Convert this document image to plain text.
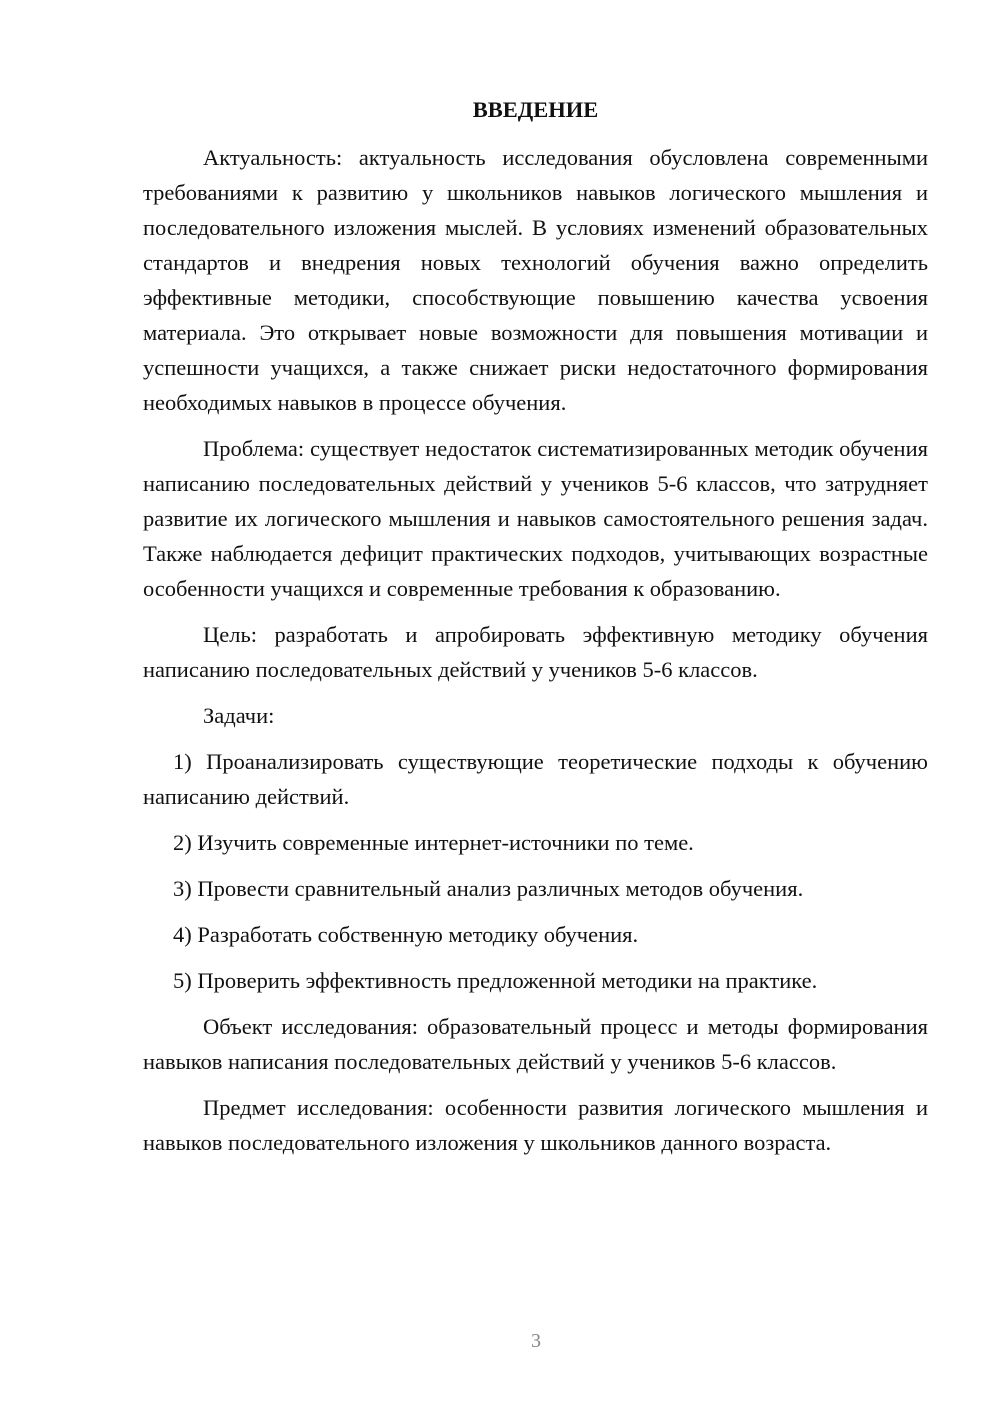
ВВЕДЕНИЕ

Актуальность: актуальность исследования обусловлена современными требованиями к развитию у школьников навыков логического мышления и последовательного изложения мыслей. В условиях изменений образовательных стандартов и внедрения новых технологий обучения важно определить эффективные методики, способствующие повышению качества усвоения материала. Это открывает новые возможности для повышения мотивации и успешности учащихся, а также снижает риски недостаточного формирования необходимых навыков в процессе обучения.

Проблема: существует недостаток систематизированных методик обучения написанию последовательных действий у учеников 5-6 классов, что затрудняет развитие их логического мышления и навыков самостоятельного решения задач. Также наблюдается дефицит практических подходов, учитывающих возрастные особенности учащихся и современные требования к образованию.

Цель: разработать и апробировать эффективную методику обучения написанию последовательных действий у учеников 5-6 классов.

Задачи:

1) Проанализировать существующие теоретические подходы к обучению написанию действий.

2) Изучить современные интернет-источники по теме.

3) Провести сравнительный анализ различных методов обучения.

4) Разработать собственную методику обучения.

5) Проверить эффективность предложенной методики на практике.

Объект исследования: образовательный процесс и методы формирования навыков написания последовательных действий у учеников 5-6 классов.

Предмет исследования: особенности развития логического мышления и навыков последовательного изложения у школьников данного возраста.

3
